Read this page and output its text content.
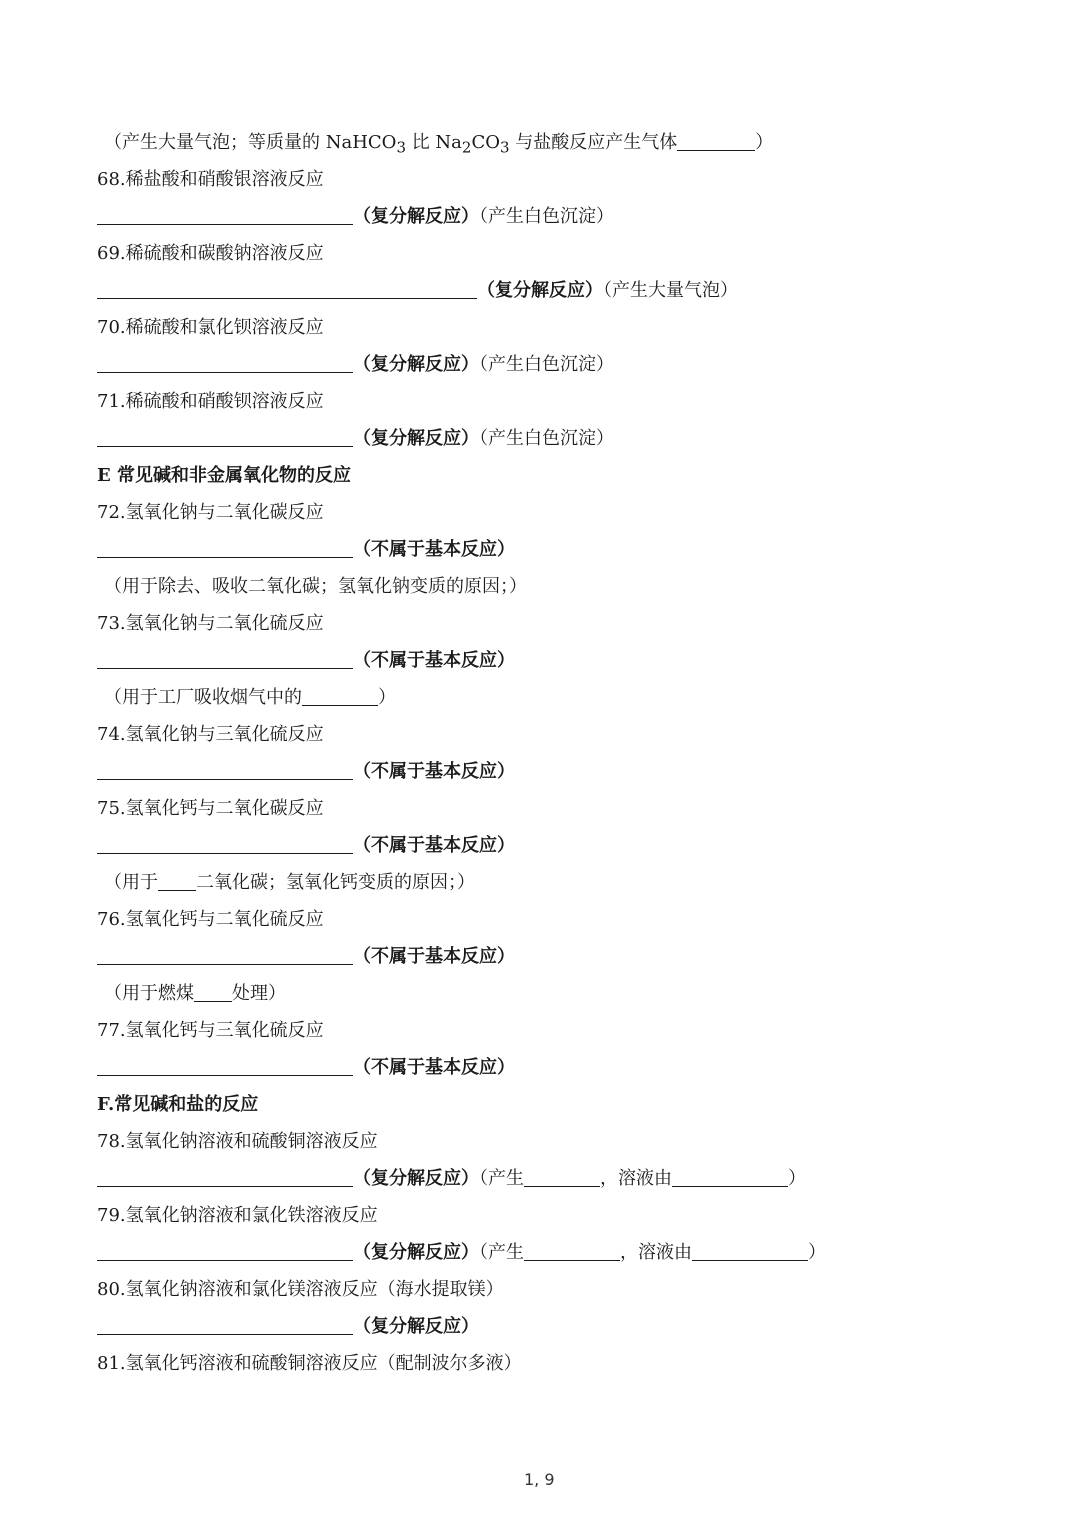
（产生大量气泡；等质量的 NaHCO$_3$ 比 $Na_2CO_3$ 与盐酸反应产生气体	）
68.稀盐酸和硝酸银溶液反应
（复分解反应）（产生白色沉淀）
69.稀硫酸和碳酸钠溶液反应
（复分解反应）（产生大量气泡）
70.稀硫酸和氯化钡溶液反应
（复分解反应）（产生白色沉淀）
71.稀硫酸和硝酸钡溶液反应
（复分解反应）（产生白色沉淀）
E 常见碱和非金属氧化物的反应
72.氢氧化钠与二氧化碳反应
（不属于基本反应）
（用于除去、吸收二氧化碳；氢氧化钠变质的原因；）
73.氢氧化钠与二氧化硫反应
（不属于基本反应）
（用于工厂吸收烟气中的	）
74.氢氧化钠与三氧化硫反应
（不属于基本反应）
75.氢氧化钙与二氧化碳反应
（不属于基本反应）
（用于 二氧化碳；氢氧化钙变质的原因；）
76.氢氧化钙与二氧化硫反应
（不属于基本反应）
（用于燃煤 处理）
77.氢氧化钙与三氧化硫反应
（不属于基本反应）
F.常见碱和盐的反应
78.氢氧化钠溶液和硫酸铜溶液反应
（复分解反应）（产生	，溶液由	）
79.氢氧化钠溶液和氯化铁溶液反应
（复分解反应）（产生	，溶液由	）
80.氢氧化钠溶液和氯化镁溶液反应（海水提取镁）
（复分解反应）
81.氢氧化钙溶液和硫酸铜溶液反应（配制波尔多液）
1, 9
